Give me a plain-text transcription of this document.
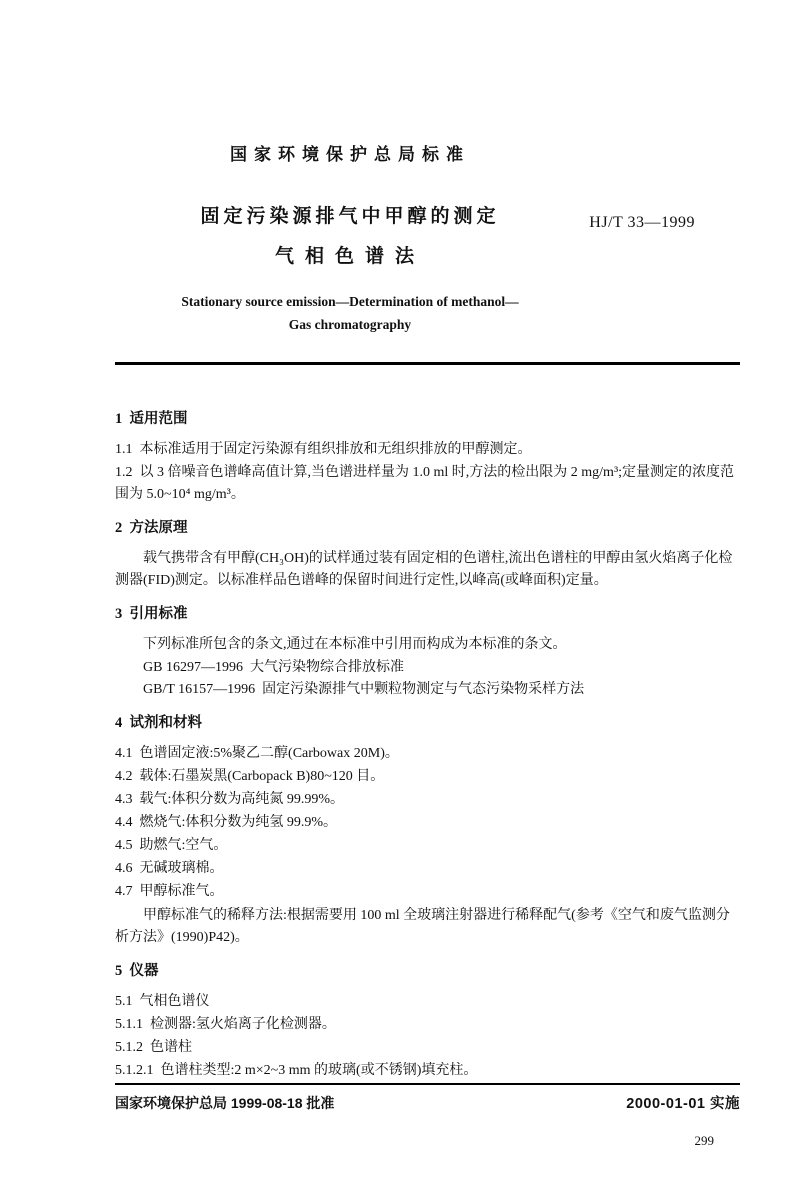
国家环境保护总局标准

固定污染源排气中甲醇的测定

气相色谱法

Stationary source emission—Determination of methanol—

Gas chromatography

HJ/T 33—1999

1  适用范围

1.1  本标准适用于固定污染源有组织排放和无组织排放的甲醇测定。

1.2  以 3 倍噪音色谱峰高值计算,当色谱进样量为 1.0 ml 时,方法的检出限为 2 mg/m³;定量测定的浓度范围为 5.0~10⁴ mg/m³。

2  方法原理

载气携带含有甲醇(CH₃OH)的试样通过装有固定相的色谱柱,流出色谱柱的甲醇由氢火焰离子化检测器(FID)测定。以标准样品色谱峰的保留时间进行定性,以峰高(或峰面积)定量。

3  引用标准

下列标准所包含的条文,通过在本标准中引用而构成为本标准的条文。

GB 16297—1996  大气污染物综合排放标准

GB/T 16157—1996  固定污染源排气中颗粒物测定与气态污染物采样方法

4  试剂和材料

4.1  色谱固定液:5%聚乙二醇(Carbowax 20M)。

4.2  载体:石墨炭黑(Carbopack B)80~120 目。

4.3  载气:体积分数为高纯氮 99.99%。

4.4  燃烧气:体积分数为纯氢 99.9%。

4.5  助燃气:空气。

4.6  无碱玻璃棉。

4.7  甲醇标准气。

甲醇标准气的稀释方法:根据需要用 100 ml 全玻璃注射器进行稀释配气(参考《空气和废气监测分析方法》(1990)P42)。

5  仪器

5.1  气相色谱仪

5.1.1  检测器:氢火焰离子化检测器。

5.1.2  色谱柱

5.1.2.1  色谱柱类型:2 m×2~3 mm 的玻璃(或不锈钢)填充柱。

国家环境保护总局 1999-08-18 批准	2000-01-01 实施
299
